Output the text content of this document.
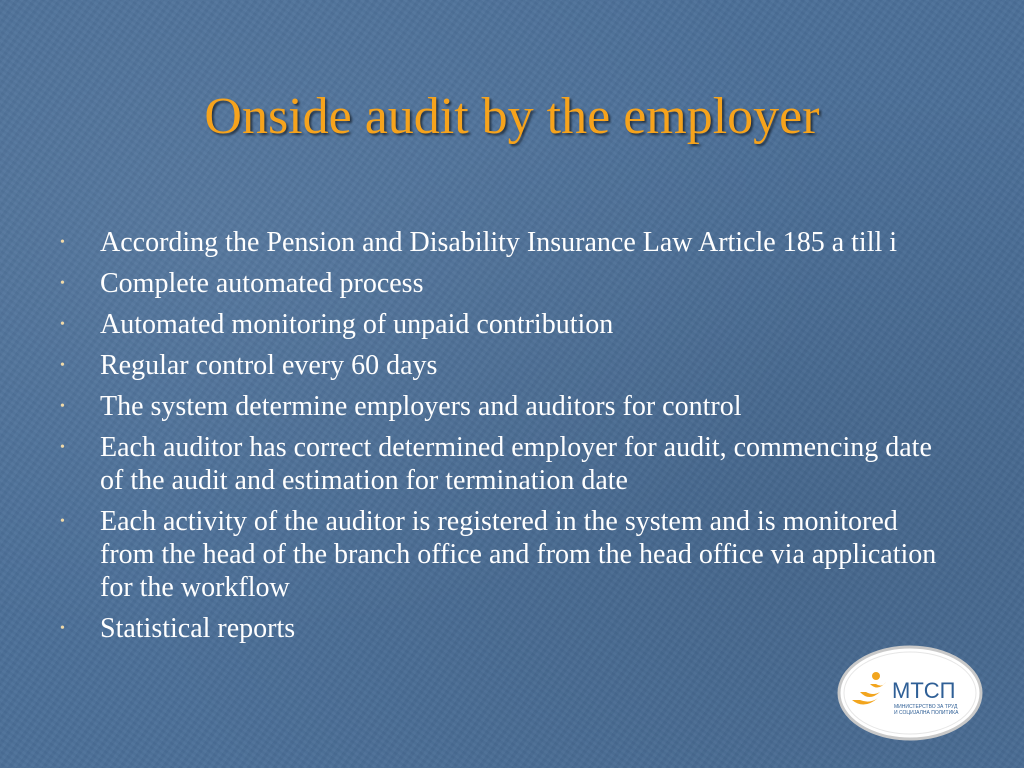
Onside audit by the employer
• According the Pension and Disability Insurance Law Article 185 a till i
• Complete automated process
• Automated monitoring of unpaid contribution
• Regular control every 60 days
• The system determine employers and auditors for control
• Each auditor has correct determined employer for audit, commencing date of the audit and estimation for termination date
• Each activity of the auditor is registered in the system and is monitored from the head of the branch office and from the head office via application for the workflow
• Statistical reports
МТСП
МИНИСТЕРСТВО ЗА ТРУД
И СОЦИЈАЛНА ПОЛИТИКА
